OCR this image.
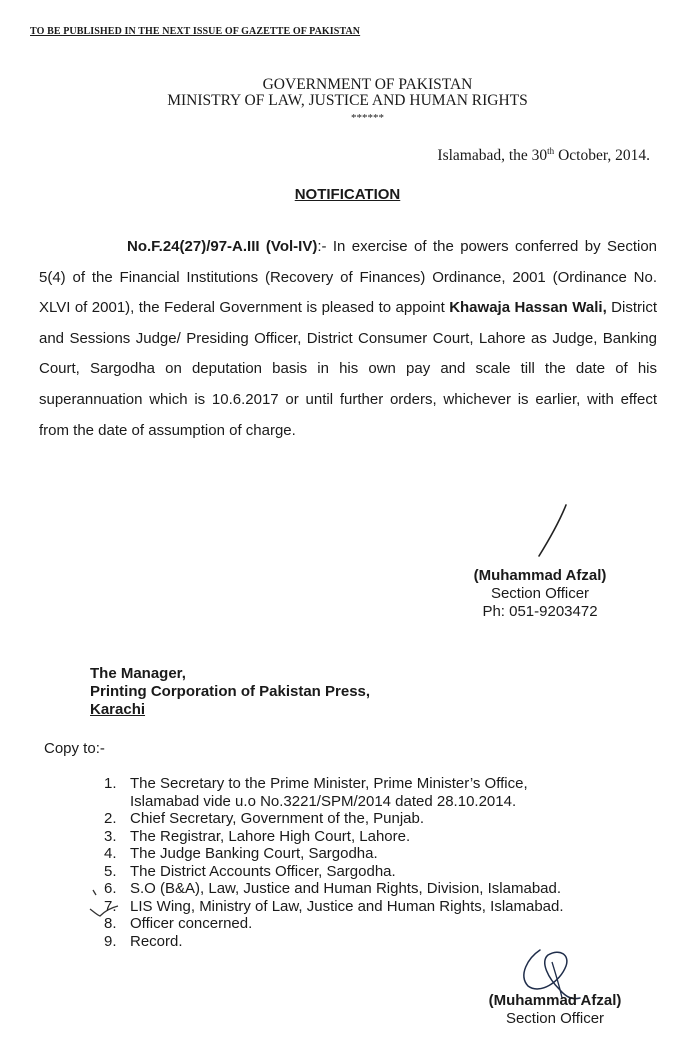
TO BE PUBLISHED IN THE NEXT ISSUE OF GAZETTE OF PAKISTAN
GOVERNMENT OF PAKISTAN
MINISTRY OF LAW, JUSTICE AND HUMAN RIGHTS
******
Islamabad, the 30th October, 2014.
NOTIFICATION
No.F.24(27)/97-A.III (Vol-IV):- In exercise of the powers conferred by Section 5(4) of the Financial Institutions (Recovery of Finances) Ordinance, 2001 (Ordinance No. XLVI of 2001), the Federal Government is pleased to appoint Khawaja Hassan Wali, District and Sessions Judge/ Presiding Officer, District Consumer Court, Lahore as Judge, Banking Court, Sargodha on deputation basis in his own pay and scale till the date of his superannuation which is 10.6.2017 or until further orders, whichever is earlier, with effect from the date of assumption of charge.
(Muhammad Afzal)
Section Officer
Ph: 051-9203472
The Manager,
Printing Corporation of Pakistan Press,
Karachi
Copy to:-
1. The Secretary to the Prime Minister, Prime Minister’s Office,
Islamabad vide u.o No.3221/SPM/2014 dated 28.10.2014.
2. Chief Secretary, Government of the, Punjab.
3. The Registrar, Lahore High Court, Lahore.
4. The Judge Banking Court, Sargodha.
5. The District Accounts Officer, Sargodha.
6. S.O (B&A), Law, Justice and Human Rights, Division, Islamabad.
7. LIS Wing, Ministry of Law, Justice and Human Rights, Islamabad.
8. Officer concerned.
9. Record.
(Muhammad Afzal)
Section Officer
